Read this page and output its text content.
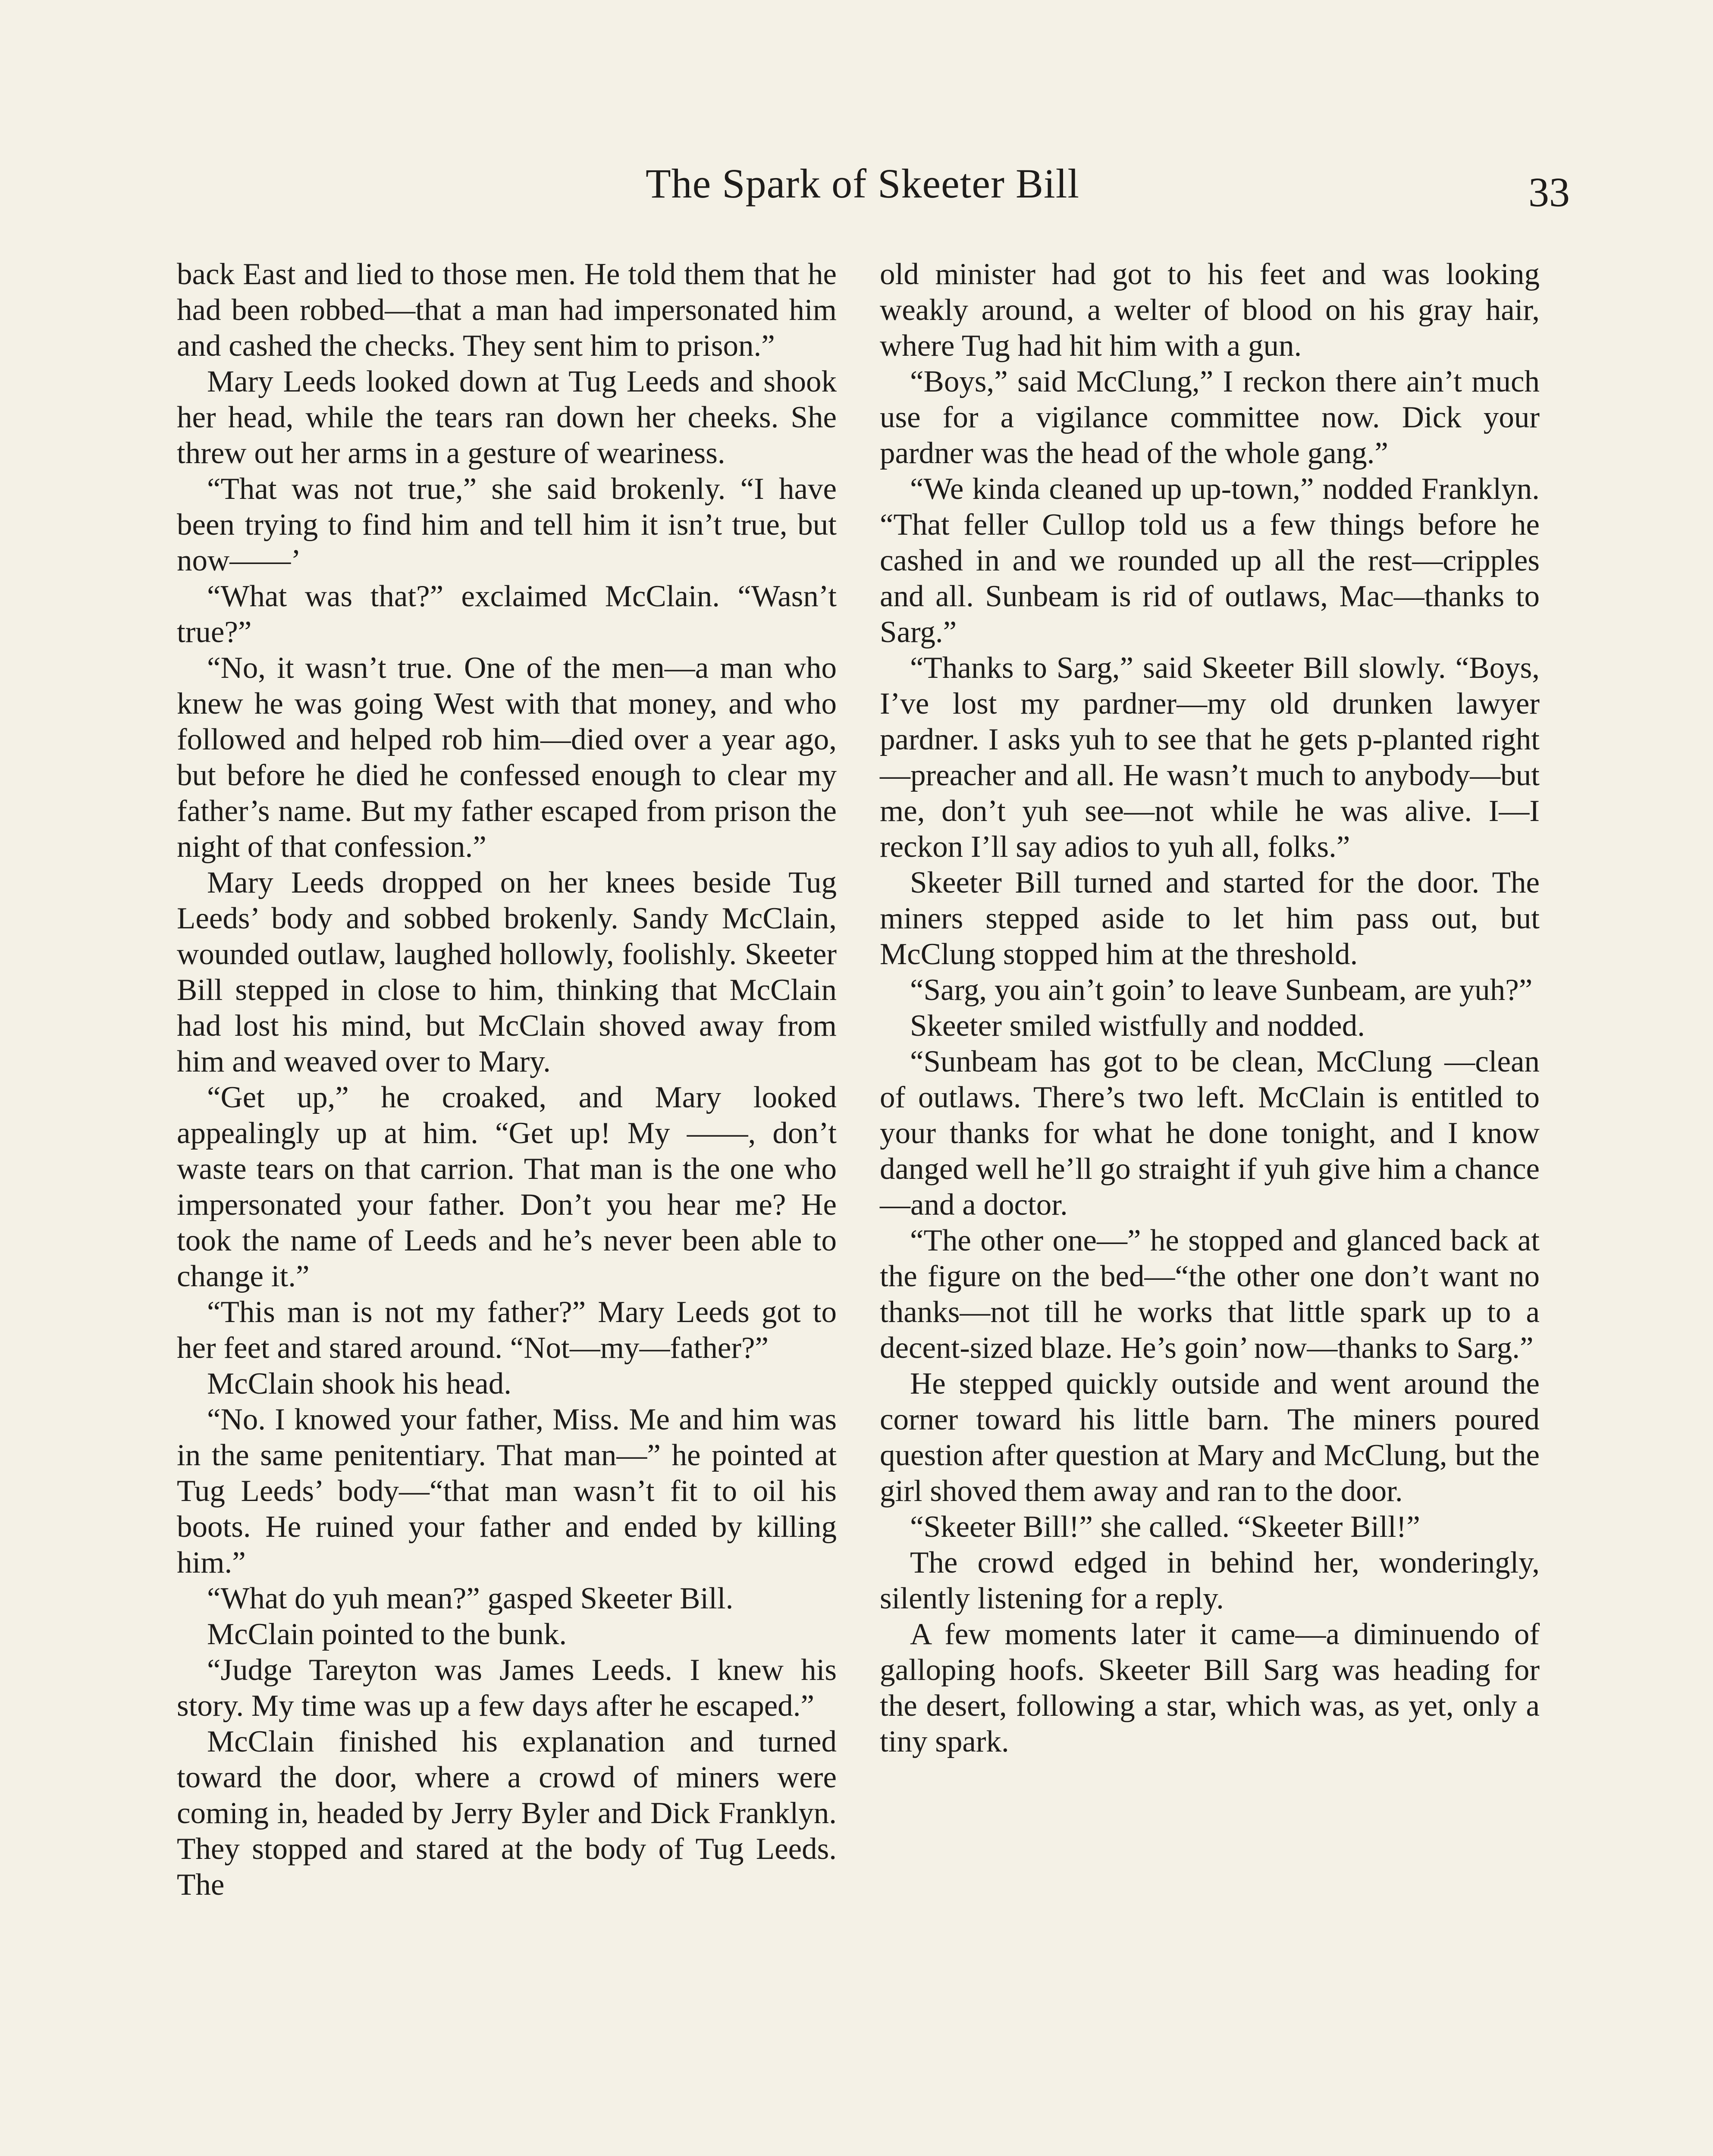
The Spark of Skeeter Bill	33

back East and lied to those men. He told them that he had been robbed—that a man had impersonated him and cashed the checks. They sent him to prison.”

Mary Leeds looked down at Tug Leeds and shook her head, while the tears ran down her cheeks. She threw out her arms in a gesture of weariness.

“That was not true,” she said brokenly. “I have been trying to find him and tell him it isn’t true, but now——’

“What was that?” exclaimed McClain. “Wasn’t true?”

“No, it wasn’t true. One of the men—a man who knew he was going West with that money, and who followed and helped rob him—died over a year ago, but before he died he confessed enough to clear my father’s name. But my father escaped from prison the night of that confession.”

Mary Leeds dropped on her knees beside Tug Leeds’ body and sobbed brokenly. Sandy McClain, wounded outlaw, laughed hollowly, foolishly. Skeeter Bill stepped in close to him, thinking that McClain had lost his mind, but McClain shoved away from him and weaved over to Mary.

“Get up,” he croaked, and Mary looked appealingly up at him. “Get up! My ——, don’t waste tears on that carrion. That man is the one who impersonated your father. Don’t you hear me? He took the name of Leeds and he’s never been able to change it.”

“This man is not my father?” Mary Leeds got to her feet and stared around. “Not—my—father?”

McClain shook his head.

“No. I knowed your father, Miss. Me and him was in the same penitentiary. That man—” he pointed at Tug Leeds’ body—“that man wasn’t fit to oil his boots. He ruined your father and ended by killing him.”

“What do yuh mean?” gasped Skeeter Bill.

McClain pointed to the bunk.

“Judge Tareyton was James Leeds. I knew his story. My time was up a few days after he escaped.”

McClain finished his explanation and turned toward the door, where a crowd of miners were coming in, headed by Jerry Byler and Dick Franklyn. They stopped and stared at the body of Tug Leeds. The

old minister had got to his feet and was looking weakly around, a welter of blood on his gray hair, where Tug had hit him with a gun.

“Boys,” said McClung,” I reckon there ain’t much use for a vigilance committee now. Dick your pardner was the head of the whole gang.”

“We kinda cleaned up up-town,” nodded Franklyn. “That feller Cullop told us a few things before he cashed in and we rounded up all the rest—cripples and all. Sunbeam is rid of outlaws, Mac—thanks to Sarg.”

“Thanks to Sarg,” said Skeeter Bill slowly. “Boys, I’ve lost my pardner—my old drunken lawyer pardner. I asks yuh to see that he gets p-planted right—preacher and all. He wasn’t much to anybody—but me, don’t yuh see—not while he was alive. I—I reckon I’ll say adios to yuh all, folks.”

Skeeter Bill turned and started for the door. The miners stepped aside to let him pass out, but McClung stopped him at the threshold.

“Sarg, you ain’t goin’ to leave Sunbeam, are yuh?”

Skeeter smiled wistfully and nodded.

“Sunbeam has got to be clean, McClung —clean of outlaws. There’s two left. McClain is entitled to your thanks for what he done tonight, and I know danged well he’ll go straight if yuh give him a chance—and a doctor.

“The other one—” he stopped and glanced back at the figure on the bed—“the other one don’t want no thanks—not till he works that little spark up to a decent-sized blaze. He’s goin’ now—thanks to Sarg.”

He stepped quickly outside and went around the corner toward his little barn. The miners poured question after question at Mary and McClung, but the girl shoved them away and ran to the door.

“Skeeter Bill!” she called. “Skeeter Bill!”

The crowd edged in behind her, wonderingly, silently listening for a reply.

A few moments later it came—a diminuendo of galloping hoofs. Skeeter Bill Sarg was heading for the desert, following a star, which was, as yet, only a tiny spark.
